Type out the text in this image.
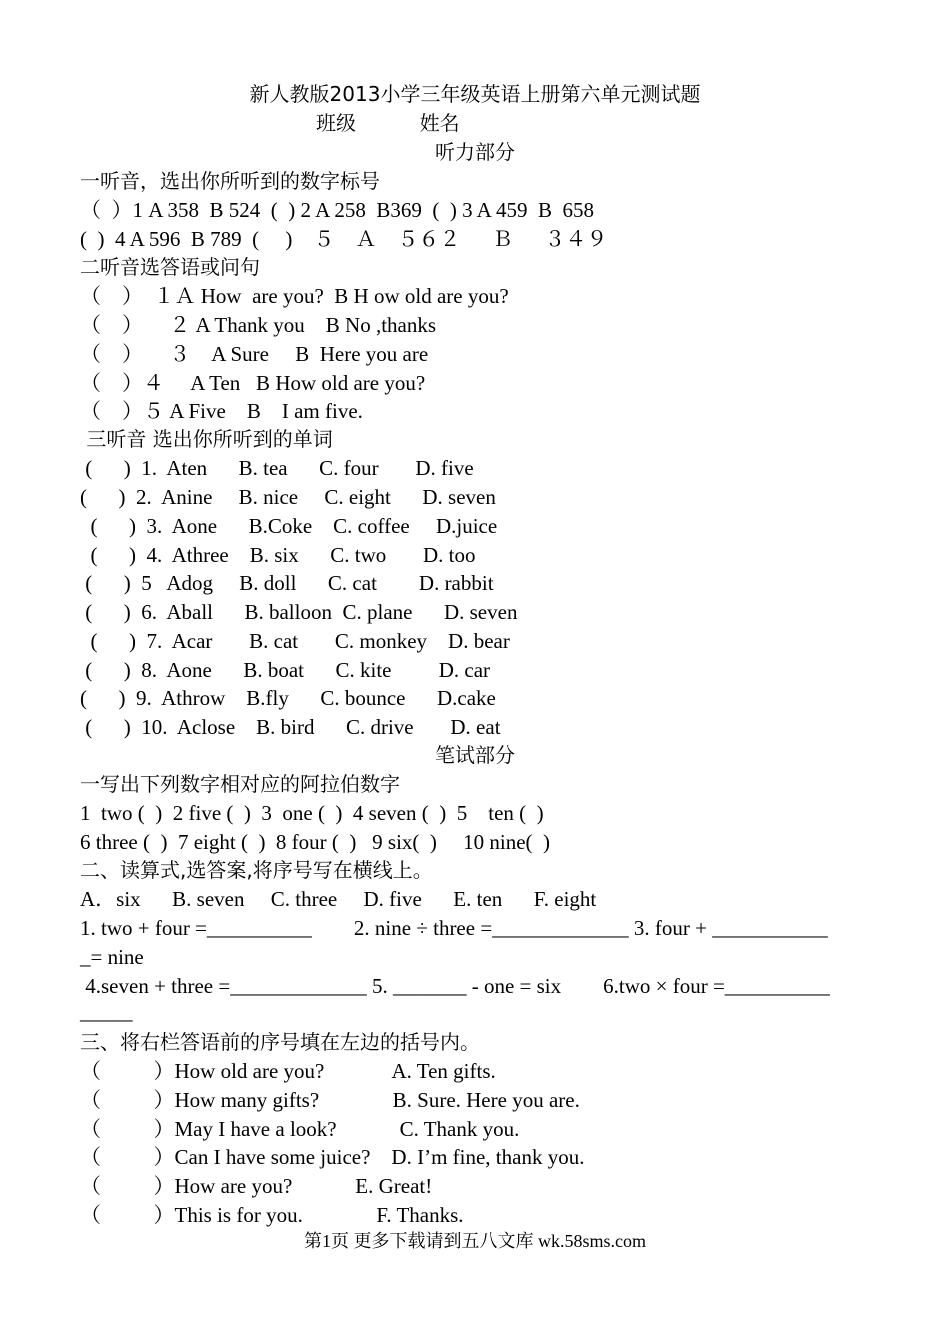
新人教版2013小学三年级英语上册第六单元测试题
班级          姓名
听力部分
一听音，选出你所听到的数字标号
（  ）1 A 358  B 524  (  ) 2 A 258  B369  (  ) 3 A 459  B  658
(  )  4 A 596  B 789  (     )    ５    Ａ    ５６２      Ｂ      ３４９
二听音选答语或问句
（    ）  １Ａ How  are you?  B H ow old are you?
（    ）     ２ A Thank you    B No ,thanks
（    ）     ３    A Sure     B  Here you are
（    ）４     A Ten   B How old are you?
（    ）５ A Five    B    I am five.
三听音 选出你所听到的单词
(      )  1.  Aten      B. tea      C. four       D. five
(      )  2.  Anine     B. nice     C. eight      D. seven
(      )  3.  Aone      B.Coke    C. coffee     D.juice
(      )  4.  Athree    B. six      C. two       D. too
(      )  5   Adog     B. doll      C. cat        D. rabbit
(      )  6.  Aball      B. balloon  C. plane      D. seven
(      )  7.  Acar       B. cat       C. monkey    D. bear
(      )  8.  Aone      B. boat      C. kite         D. car
(      )  9.  Athrow    B.fly      C. bounce      D.cake
(      )  10.  Aclose    B. bird      C. drive       D. eat
笔试部分
一写出下列数字相对应的阿拉伯数字
1  two (  )  2 five (  )  3  one (  )  4 seven (  )  5    ten (  )
6 three (  )  7 eight (  )  8 four (  )   9 six(  )     10 nine(  )
二、读算式,选答案,将序号写在横线上。
A．six      B. seven     C. three     D. five      E. ten      F. eight
1. two + four =__________        2. nine ÷ three =_____________ 3. four + ___________
_= nine
4.seven + three =_____________ 5. _______ - one = six        6.two × four =__________
_____
三、将右栏答语前的序号填在左边的括号内。
（          ）How old are you?             A. Ten gifts.
（          ）How many gifts?              B. Sure. Here you are.
（          ）May I have a look?            C. Thank you.
（          ）Can I have some juice?    D. I’m fine, thank you.
（          ）How are you?            E. Great!
（          ）This is for you.              F. Thanks.
第1页 更多下载请到五八文库 wk.58sms.com
